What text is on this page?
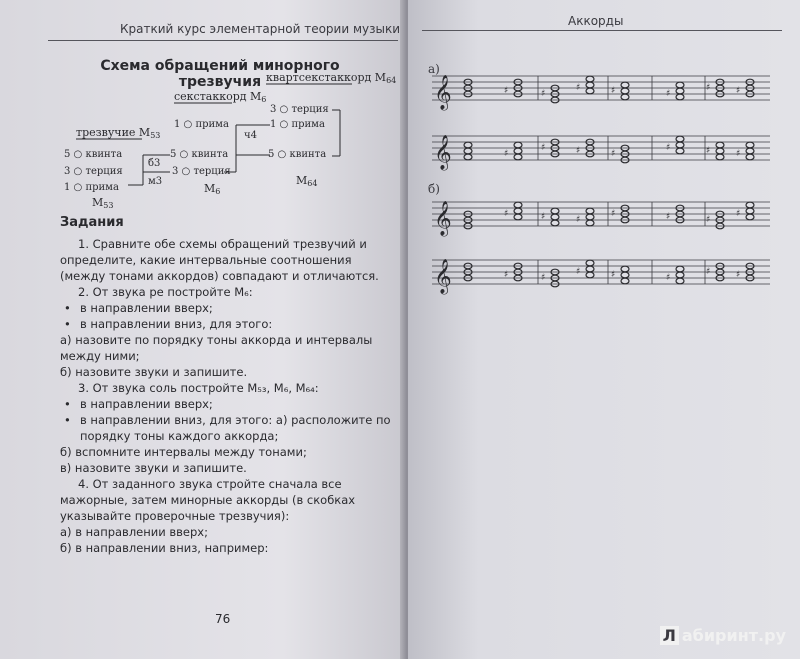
Краткий курс элементарной теории музыки
Схема обращений минорного трезвучия
трезвучие $M_{53}$
5 ○ квинта
3 ○ терция
1 ○ прима
$M_{53}$
б3
м3
секстаккорд $M_6$
1 ○ прима
5 ○ квинта
3 ○ терция
$M_6$
ч4
квартсекстаккорд $M_{64}$
3 ○ терция
1 ○ прима
5 ○ квинта
$M_{64}$
Задания

1. Сравните обе схемы обращений трезвучий и определите, какие интервальные соотношения (между тонами аккордов) совпадают и отличаются.

2. От звука ре постройте M₆:

• в направлении вверх;

• в направлении вниз, для этого:

а) назовите по порядку тоны аккорда и интервалы между ними;

б) назовите звуки и запишите.

3. От звука соль постройте M₅₃, M₆, M₆₄:

• в направлении вверх;

• в направлении вниз, для этого: а) расположите по порядку тоны каждого аккорда;

б) вспомните интервалы между тонами;

в) назовите звуки и запишите.

4. От заданного звука стройте сначала все мажорные, затем минорные аккорды (в скобках указывайте проверочные трезвучия):

а) в направлении вверх;

б) в направлении вниз, например:

76
Аккорды
а)
б)
𝄞	♯	♯
♯	♯	♯
♯	♯
𝄞	♯
♯	♯	♯
♯	♯	♯
𝄞	♯	♯	♯
♯	♯	♯
♯
𝄞	♯	♯
♯	♯	♯
♯	♯
Л абиринт.ру
